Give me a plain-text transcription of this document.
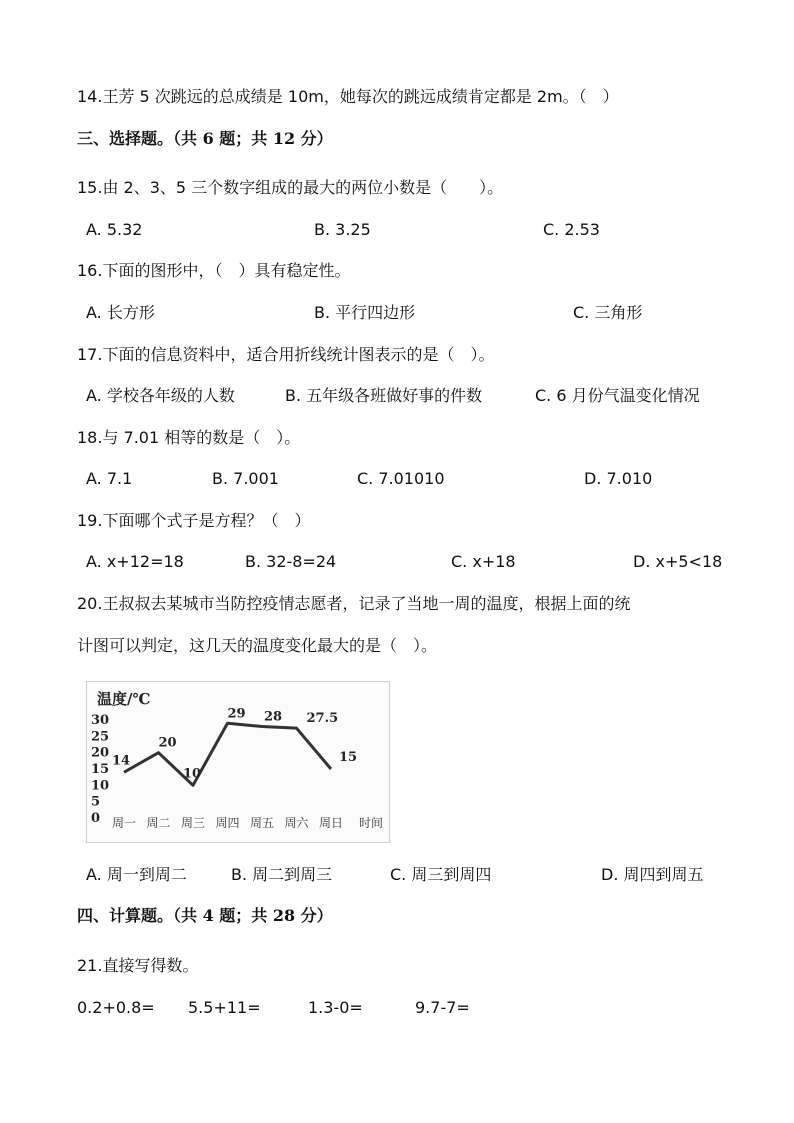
14.王芳 5 次跳远的总成绩是 10m，她每次的跳远成绩肯定都是 2m。（　）
三、选择题。（共 6 题；共 12 分）
15.由 2、3、5 三个数字组成的最大的两位小数是（　　）。
A. 5.32	B. 3.25	C. 2.53
16.下面的图形中，（　）具有稳定性。
A. 长方形	B. 平行四边形	C. 三角形
17.下面的信息资料中，适合用折线统计图表示的是（　）。
A. 学校各年级的人数	B. 五年级各班做好事的件数	C. 6 月份气温变化情况
18.与 7.01 相等的数是（　）。
A. 7.1	B. 7.001	C. 7.01010	D. 7.010
19.下面哪个式子是方程？（　）
A. x+12=18	B. 32-8=24	C. x+18	D. x+5<18
20.王叔叔去某城市当防控疫情志愿者，记录了当地一周的温度，根据上面的统
计图可以判定，这几天的温度变化最大的是（　）。
温度/℃
时间
0
5
10
15
20
25
30
周一 周二 周三 周四 周五 周六 周日
14
20
10
29 28 27.5
15
A. 周一到周二	B. 周二到周三	C. 周三到周四	D. 周四到周五
四、计算题。（共 4 题；共 28 分）
21.直接写得数。
0.2+0.8= 5.5+11=	1.3-0=	9.7-7=
